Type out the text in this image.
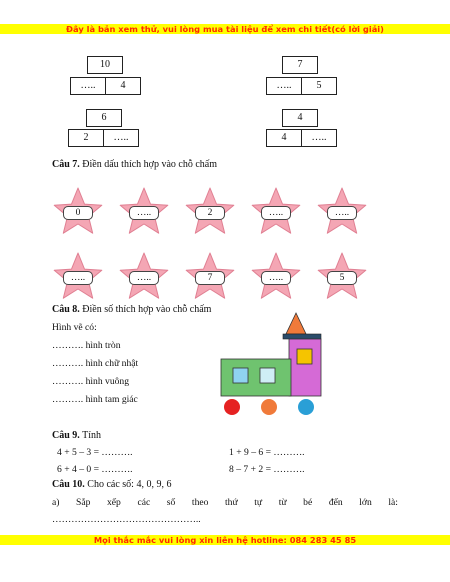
Đây là bản xem thử, vui lòng mua tài liệu để xem chi tiết(có lời giải)
10
…..	4
7
…..	5
6
2	…..
4
4	…..
Câu 7. Điền dấu thích hợp vào chỗ chấm
0	…..	2	…..	…..
…..	…..	7	…..	5
Câu 8. Điền số thích hợp vào chỗ chấm
Hình vẽ có:
………. hình tròn
………. hình chữ nhật
………. hình vuông
………. hình tam giác
Câu 9. Tính
4 + 5 – 3 = ……….	1 + 9 – 6 = ……….
6 + 4 – 0 = ……….	8 – 7 + 2 = ……….
Câu 10. Cho các số: 4, 0, 9, 6
a) Sắp xếp các số theo thứ tự từ bé đến lớn là:
………………………………………..
Mọi thắc mắc vui lòng xin liên hệ hotline: 084 283 45 85
